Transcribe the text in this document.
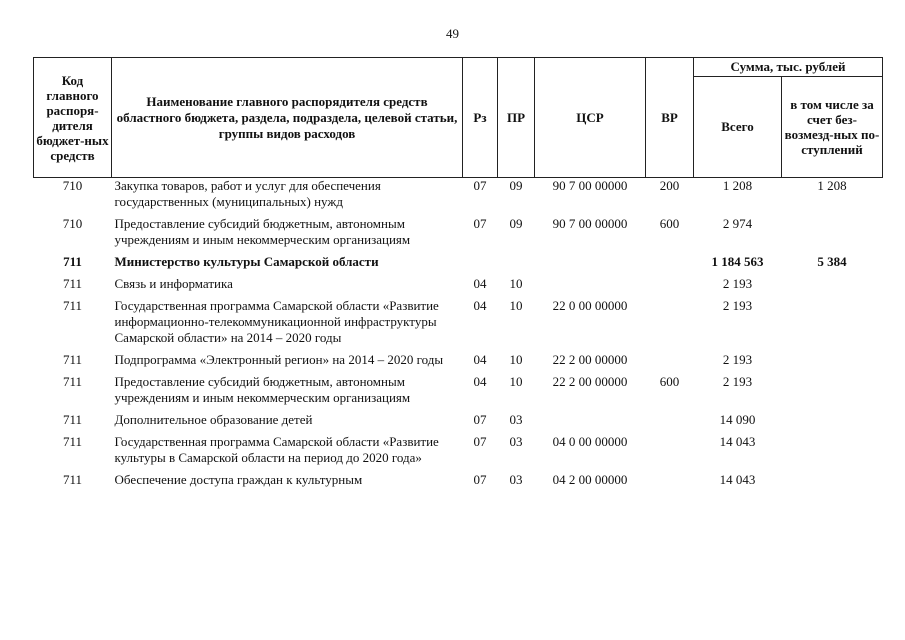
49
Код главного распоря-дителя бюджет-ных средств	Наименование главного распорядителя средств областного бюджета, раздела, подраздела, целевой статьи, группы видов расходов	Рз	ПР	ЦСР	ВР	Сумма, тыс. рублей	
						Всего	в том числе за счет без-возмезд-ных по-ступлений
710	Закупка товаров, работ и услуг для обеспечения государственных (муниципальных) нужд	07	09	90 7 00 00000	200	1 208	1 208
710	Предоставление субсидий бюджетным, автономным учреждениям и иным некоммерческим организациям	07	09	90 7 00 00000	600	2 974	
711	Министерство культуры Самарской области					1 184 563	5 384
711	Связь и информатика	04	10			2 193	
711	Государственная программа Самарской области «Развитие информационно-телекоммуникационной инфраструктуры Самарской области» на 2014 – 2020 годы	04	10	22 0 00 00000		2 193	
711	Подпрограмма «Электронный регион» на 2014 – 2020 годы	04	10	22 2 00 00000		2 193	
711	Предоставление субсидий бюджетным, автономным учреждениям и иным некоммерческим организациям	04	10	22 2 00 00000	600	2 193	
711	Дополнительное образование детей	07	03			14 090	
711	Государственная программа Самарской области «Развитие культуры в Самарской области на период до 2020 года»	07	03	04 0 00 00000		14 043	
711	Обеспечение доступа граждан к культурным	07	03	04 2 00 00000		14 043	
